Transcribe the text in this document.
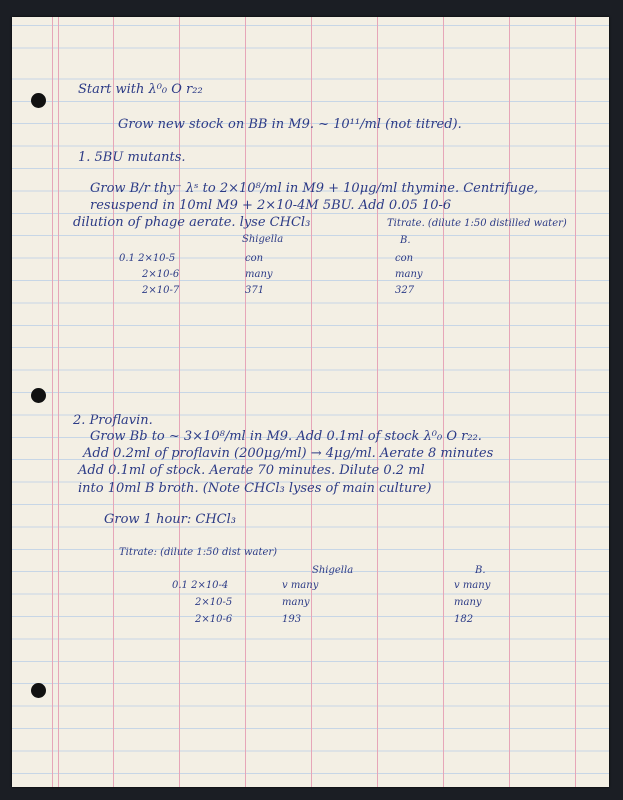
Start with λ⁰₀ O r₂₂
Grow new stock on BB in M9. ~ 10¹¹/ml (not titred).
1. 5BU mutants.
Grow B/r thy⁻ λˢ to 2×10⁸/ml in M9 + 10μg/ml thymine. Centrifuge,
resuspend in 10ml M9 + 2×10-4M 5BU. Add 0.05 10-6
dilution of phage aerate. lyse CHCl₃	Titrate. (dilute 1:50 distilled water)
Shigella	B.
0.1 2×10-5	con	con
2×10-6	many	many
2×10-7	371	327
2. Proflavin.
Grow Bb to ~ 3×10⁸/ml in M9. Add 0.1ml of stock λ⁰₀ O r₂₂.
Add 0.2ml of proflavin (200μg/ml) → 4μg/ml. Aerate 8 minutes
Add 0.1ml of stock. Aerate 70 minutes. Dilute 0.2 ml
into 10ml B broth. (Note CHCl₃ lyses of main culture)
Grow 1 hour: CHCl₃
Titrate: (dilute 1:50 dist water)
Shigella	B.
0.1 2×10-4	v many	v many
2×10-5	many	many
2×10-6	193	182
